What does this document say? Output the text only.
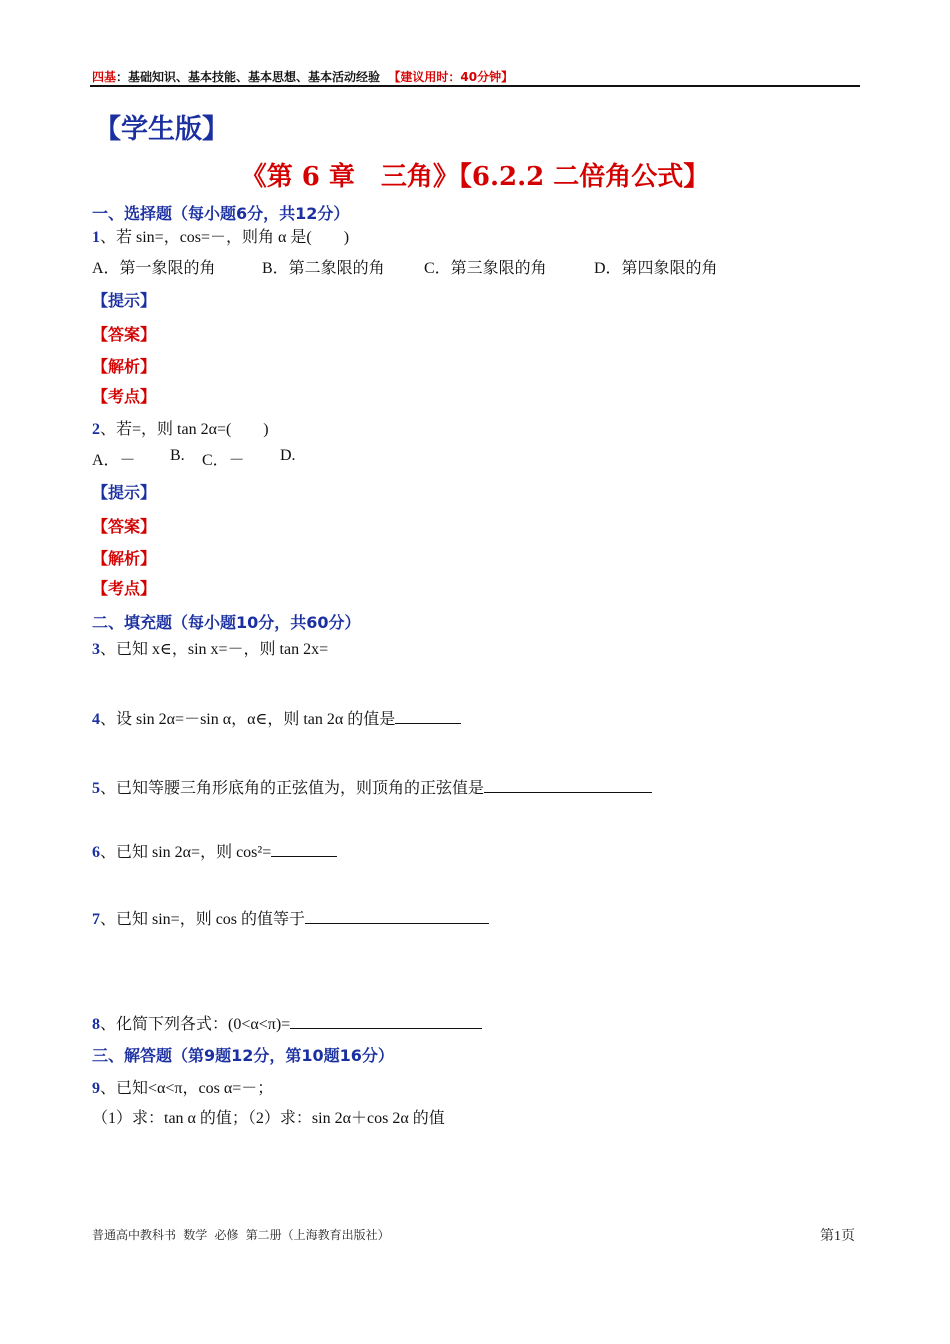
四基：基础知识、基本技能、基本思想、基本活动经验 【建议用时：40分钟】
【学生版】
《第 6 章　三角》【6.2.2 二倍角公式】
一、选择题（每小题6分，共12分）
1、若 sin=，cos=－，则角 α 是(　　)
A．第一象限的角	B．第二象限的角 C．第三象限的角	D．第四象限的角
【提示】
【答案】
【解析】
【考点】
2、若=，则 tan 2α=(　　)
A．－ B. C．－ D.
【提示】
【答案】
【解析】
【考点】
二、填充题（每小题10分，共60分）
3、已知 x∈，sin x=－，则 tan 2x=
4、设 sin 2α=－sin α，α∈，则 tan 2α 的值是
5、已知等腰三角形底角的正弦值为，则顶角的正弦值是
6、已知 sin 2α=，则 cos²=
7、已知 sin=，则 cos 的值等于
8、化简下列各式：(0<α<π)=
三、解答题（第9题12分，第10题16分）
9、已知<α<π，cos α=－；
（1）求：tan α 的值；（2）求：sin 2α＋cos 2α 的值
普通高中教科书 数学 必修 第二册（上海教育出版社）	第1页
